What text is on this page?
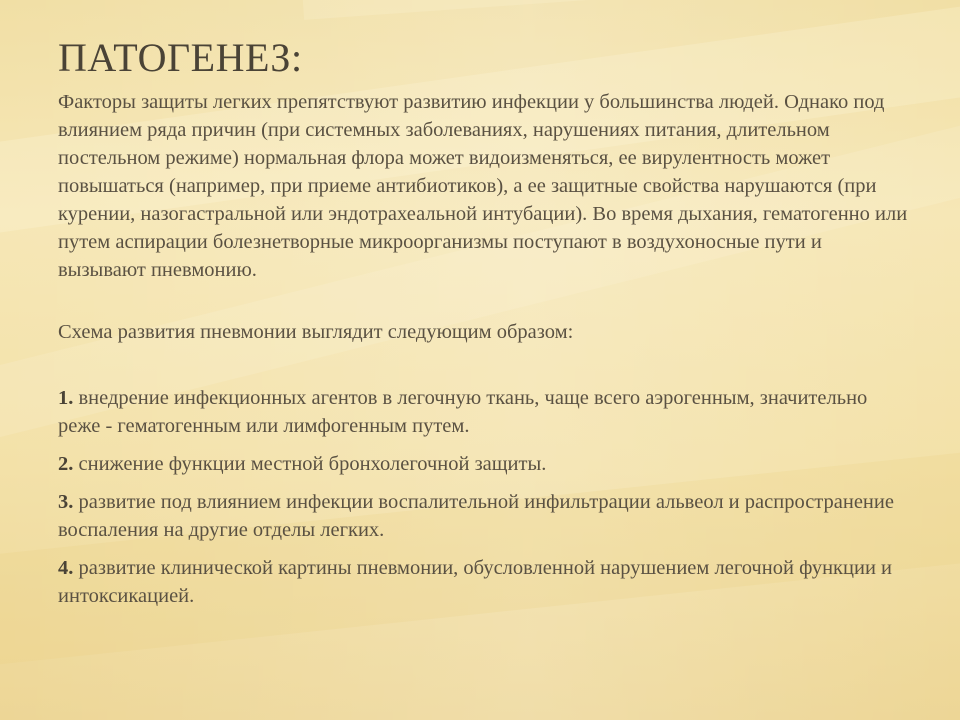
ПАТОГЕНЕЗ:

Факторы защиты легких препятствуют развитию инфекции у большинства людей. Однако под влиянием ряда причин (при системных заболеваниях, нарушениях питания, длительном постельном режиме) нормальная флора может видоизменяться, ее вирулентность может повышаться (например, при приеме антибиотиков), а ее защитные свойства нарушаются (при курении, назогастральной или эндотрахеальной интубации). Во время дыхания, гематогенно или путем аспирации болезнетворные микроорганизмы поступают в воздухоносные пути и вызывают пневмонию.

Схема развития пневмонии выглядит следующим образом:

1. внедрение инфекционных агентов в легочную ткань, чаще всего аэрогенным, значительно реже - гематогенным или лимфогенным путем.

2. снижение функции местной бронхолегочной защиты.

3. развитие под влиянием инфекции воспалительной инфильтрации альвеол и распространение воспаления на другие отделы легких.

4. развитие клинической картины пневмонии, обусловленной нарушением легочной функции и интоксикацией.
